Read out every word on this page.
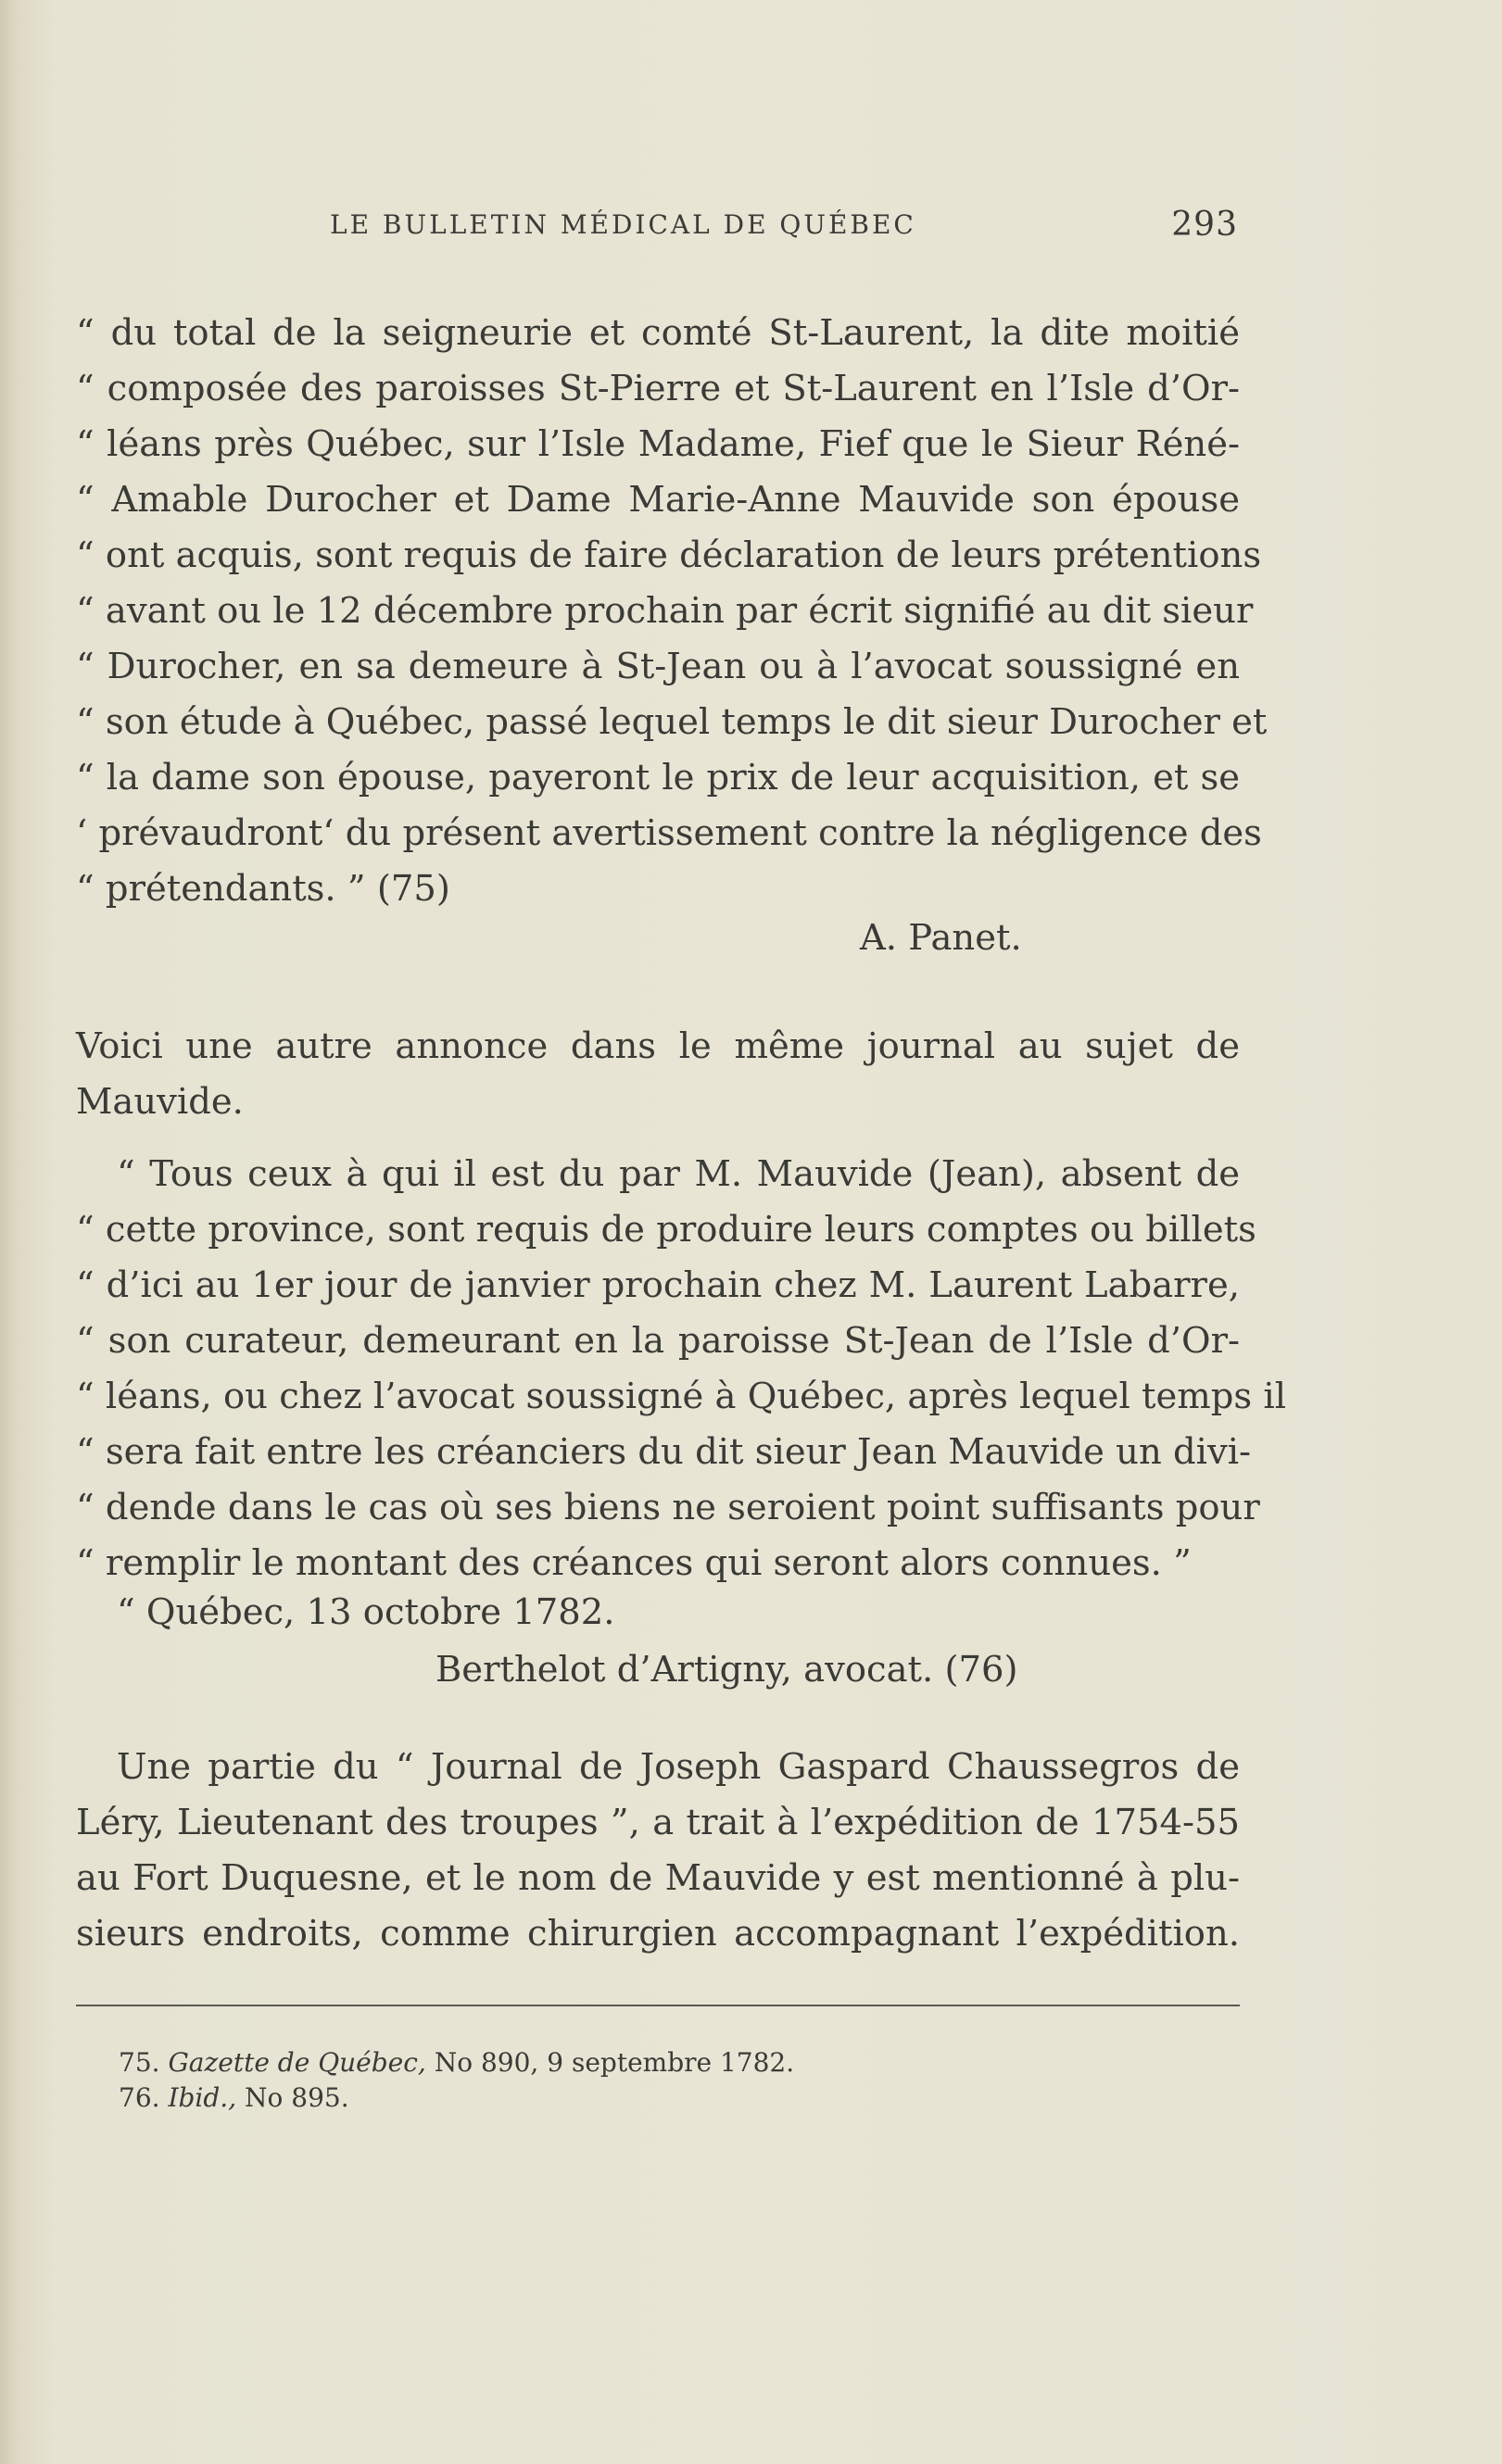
LE BULLETIN MÉDICAL DE QUÉBEC	293
“ du total de la seigneurie et comté St-Laurent, la dite moitié
“ composée des paroisses St-Pierre et St-Laurent en l’Isle d’Or-
“ léans près Québec, sur l’Isle Madame, Fief que le Sieur Réné-
“ Amable Durocher et Dame Marie-Anne Mauvide son épouse
“ ont acquis, sont requis de faire déclaration de leurs prétentions
“ avant ou le 12 décembre prochain par écrit signifié au dit sieur
“ Durocher, en sa demeure à St-Jean ou à l’avocat soussigné en
“ son étude à Québec, passé lequel temps le dit sieur Durocher et
“ la dame son épouse, payeront le prix de leur acquisition, et se
‘ prévaudront‘ du présent avertissement contre la négligence des
“ prétendants. ” (75)
A. Panet.
Voici une autre annonce dans le même journal au sujet de
Mauvide.
“ Tous ceux à qui il est du par M. Mauvide (Jean), absent de
“ cette province, sont requis de produire leurs comptes ou billets
“ d’ici au 1er jour de janvier prochain chez M. Laurent Labarre,
“ son curateur, demeurant en la paroisse St-Jean de l’Isle d’Or-
“ léans, ou chez l’avocat soussigné à Québec, après lequel temps il
“ sera fait entre les créanciers du dit sieur Jean Mauvide un divi-
“ dende dans le cas où ses biens ne seroient point suffisants pour
“ remplir le montant des créances qui seront alors connues. ”
“ Québec, 13 octobre 1782.
Berthelot d’Artigny, avocat. (76)
Une partie du “ Journal de Joseph Gaspard Chaussegros de
Léry, Lieutenant des troupes ”, a trait à l’expédition de 1754-55
au Fort Duquesne, et le nom de Mauvide y est mentionné à plu-
sieurs endroits, comme chirurgien accompagnant l’expédition.
75. Gazette de Québec, No 890, 9 septembre 1782.
76. Ibid., No 895.
